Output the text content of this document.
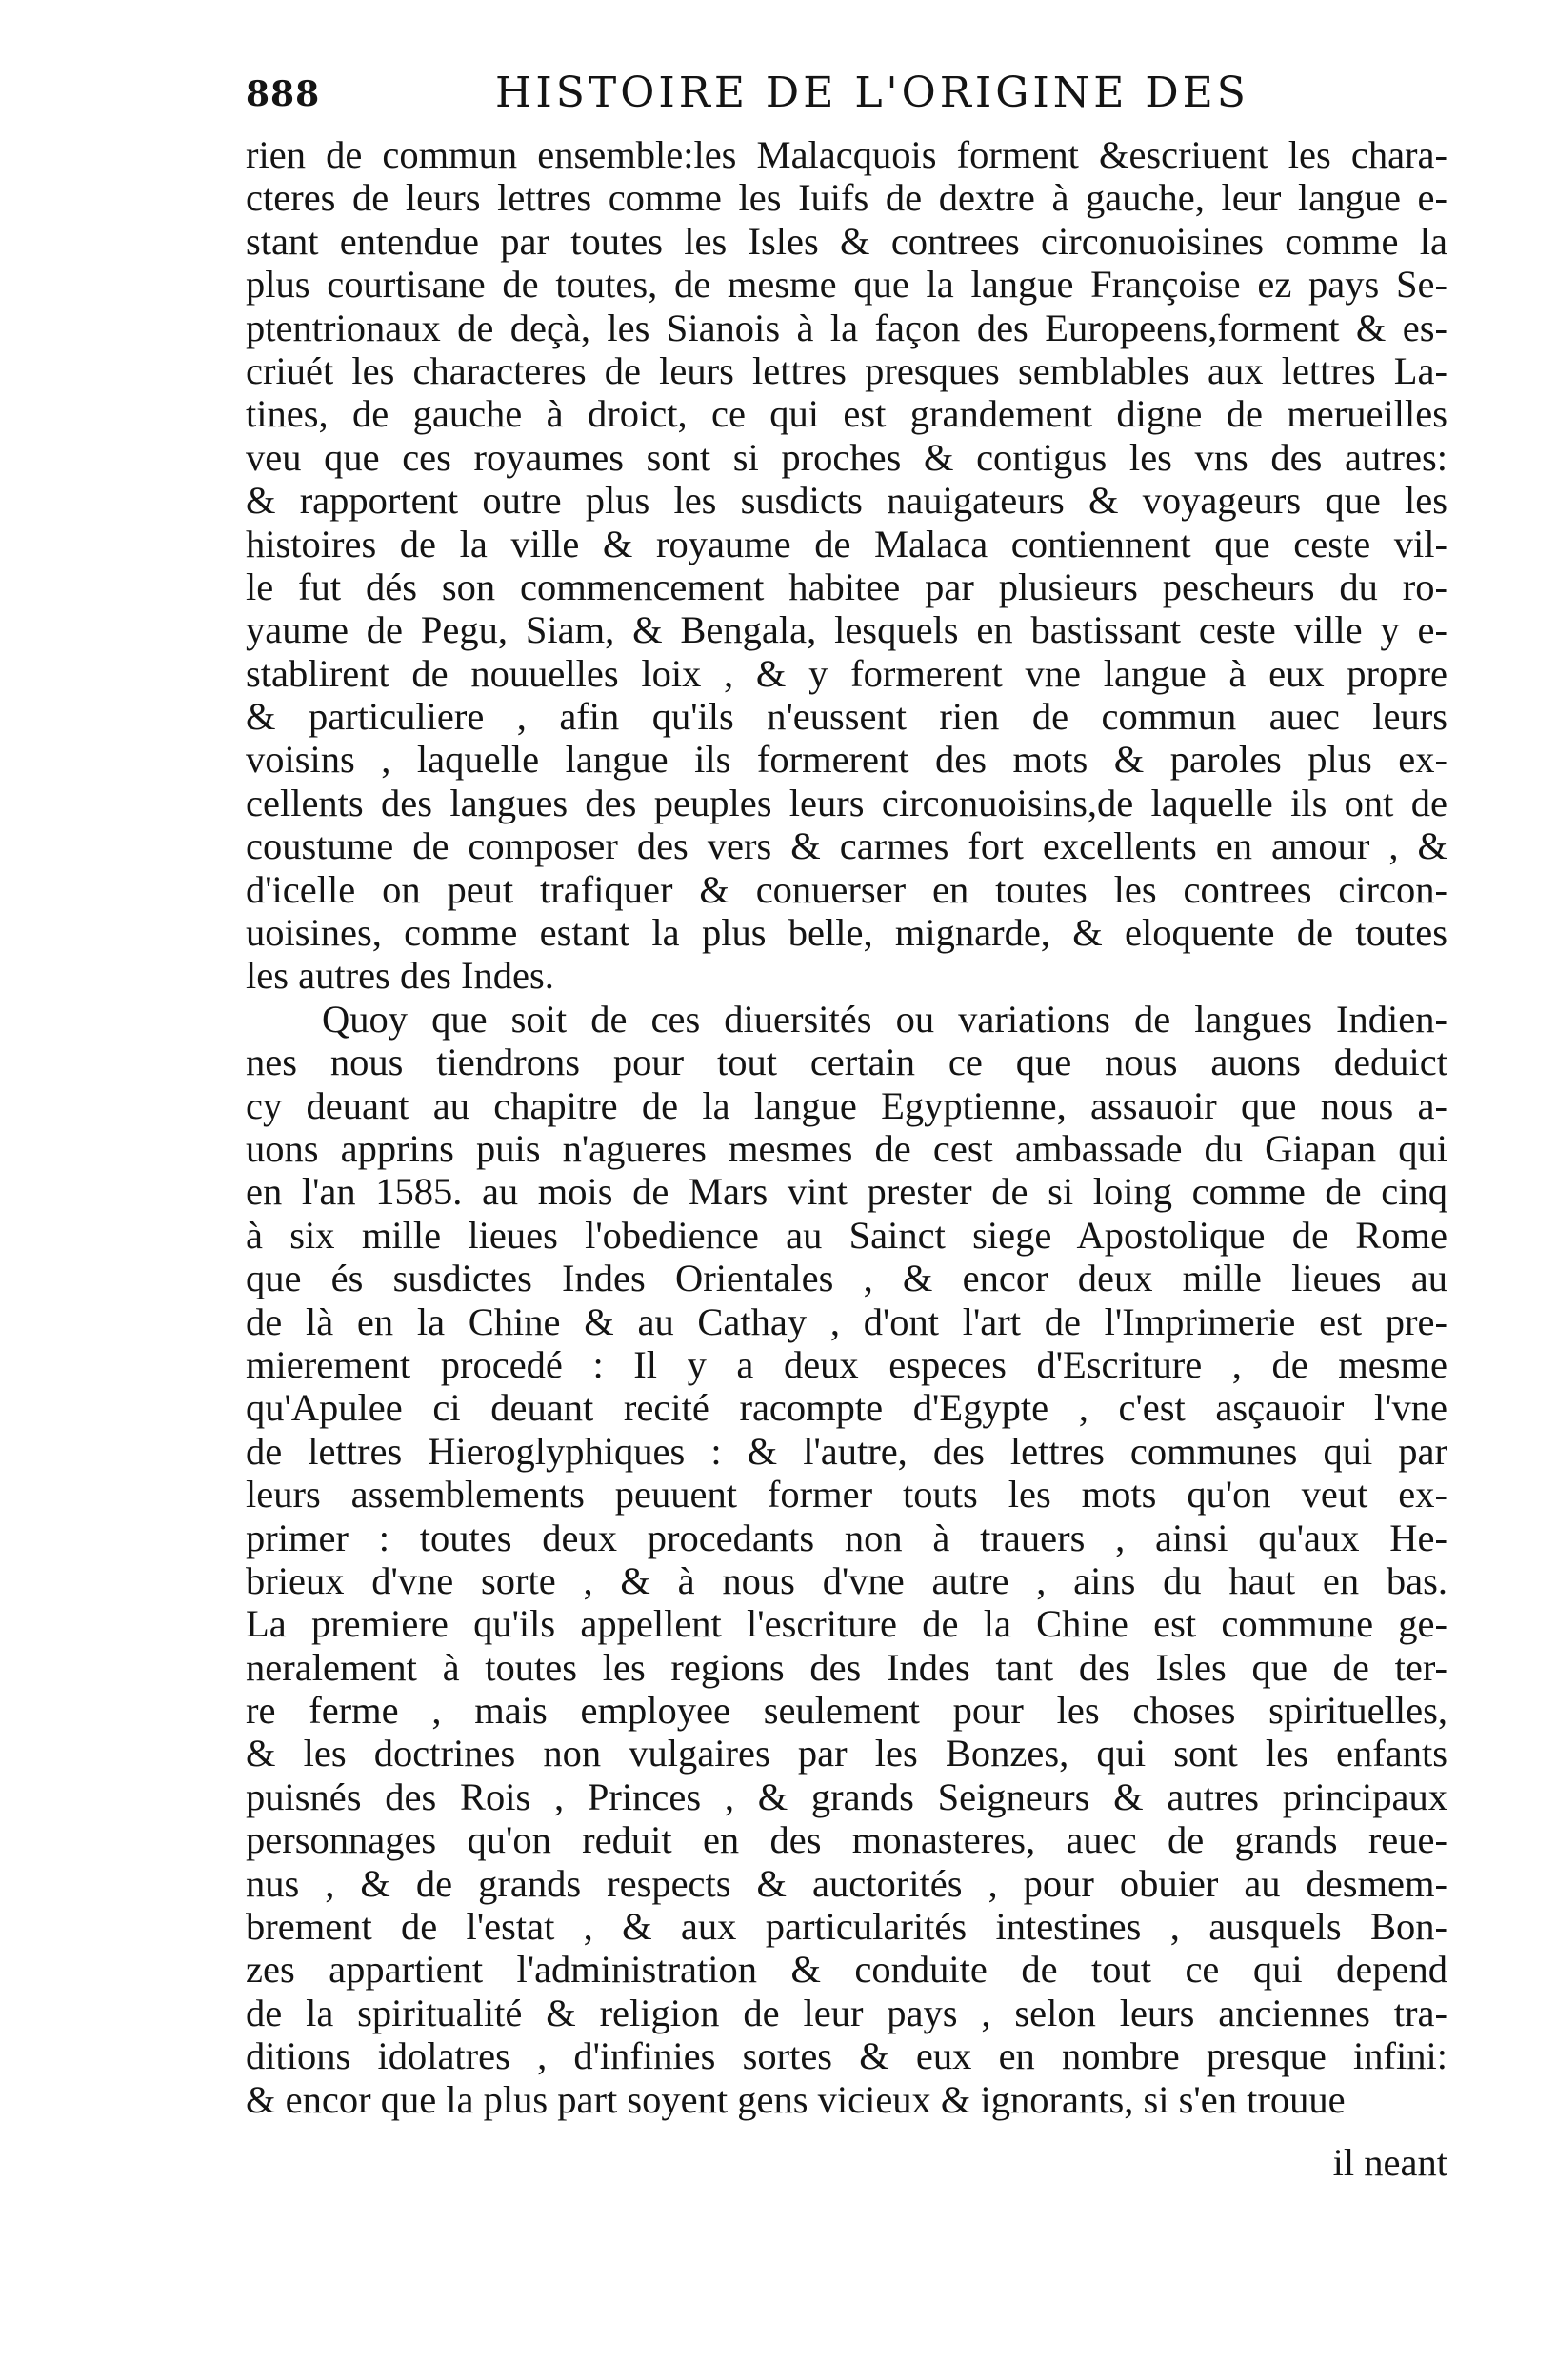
888	HISTOIRE DE L'ORIGINE DES
rien de commun ensemble:les Malacquois forment &escriuent les chara-
cteres de leurs lettres comme les Iuifs de dextre à gauche, leur langue e-
stant entendue par toutes les Isles & contrees circonuoisines comme la
plus courtisane de toutes, de mesme que la langue Françoise ez pays Se-
ptentrionaux de deçà, les Sianois à la façon des Europeens,forment & es-
criuét les characteres de leurs lettres presques semblables aux lettres La-
tines, de gauche à droict, ce qui est grandement digne de merueilles
veu que ces royaumes sont si proches & contigus les vns des autres:
& rapportent outre plus les susdicts nauigateurs & voyageurs que les
histoires de la ville & royaume de Malaca contiennent que ceste vil-
le fut dés son commencement habitee par plusieurs pescheurs du ro-
yaume de Pegu, Siam, & Bengala, lesquels en bastissant ceste ville y e-
stablirent de nouuelles loix , & y formerent vne langue à eux propre
& particuliere , afin qu'ils n'eussent rien de commun auec leurs
voisins , laquelle langue ils formerent des mots & paroles plus ex-
cellents des langues des peuples leurs circonuoisins,de laquelle ils ont de
coustume de composer des vers & carmes fort excellents en amour , &
d'icelle on peut trafiquer & conuerser en toutes les contrees circon-
uoisines, comme estant la plus belle, mignarde, & eloquente de toutes
les autres des Indes.
Quoy que soit de ces diuersités ou variations de langues Indien-
nes nous tiendrons pour tout certain ce que nous auons deduict
cy deuant au chapitre de la langue Egyptienne, assauoir que nous a-
uons apprins puis n'agueres mesmes de cest ambassade du Giapan qui
en l'an 1585. au mois de Mars vint prester de si loing comme de cinq
à six mille lieues l'obedience au Sainct siege Apostolique de Rome
que és susdictes Indes Orientales , & encor deux mille lieues au
de là en la Chine & au Cathay , d'ont l'art de l'Imprimerie est pre-
mierement procedé : Il y a deux especes d'Escriture , de mesme
qu'Apulee ci deuant recité racompte d'Egypte , c'est asçauoir l'vne
de lettres Hieroglyphiques : & l'autre, des lettres communes qui par
leurs assemblements peuuent former touts les mots qu'on veut ex-
primer : toutes deux procedants non à trauers , ainsi qu'aux He-
brieux d'vne sorte , & à nous d'vne autre , ains du haut en bas.
La premiere qu'ils appellent l'escriture de la Chine est commune ge-
neralement à toutes les regions des Indes tant des Isles que de ter-
re ferme , mais employee seulement pour les choses spirituelles,
& les doctrines non vulgaires par les Bonzes, qui sont les enfants
puisnés des Rois , Princes , & grands Seigneurs & autres principaux
personnages qu'on reduit en des monasteres, auec de grands reue-
nus , & de grands respects & auctorités , pour obuier au desmem-
brement de l'estat , & aux particularités intestines , ausquels Bon-
zes appartient l'administration & conduite de tout ce qui depend
de la spiritualité & religion de leur pays , selon leurs anciennes tra-
ditions idolatres , d'infinies sortes & eux en nombre presque infini:
& encor que la plus part soyent gens vicieux & ignorants, si s'en trouue
il neant
